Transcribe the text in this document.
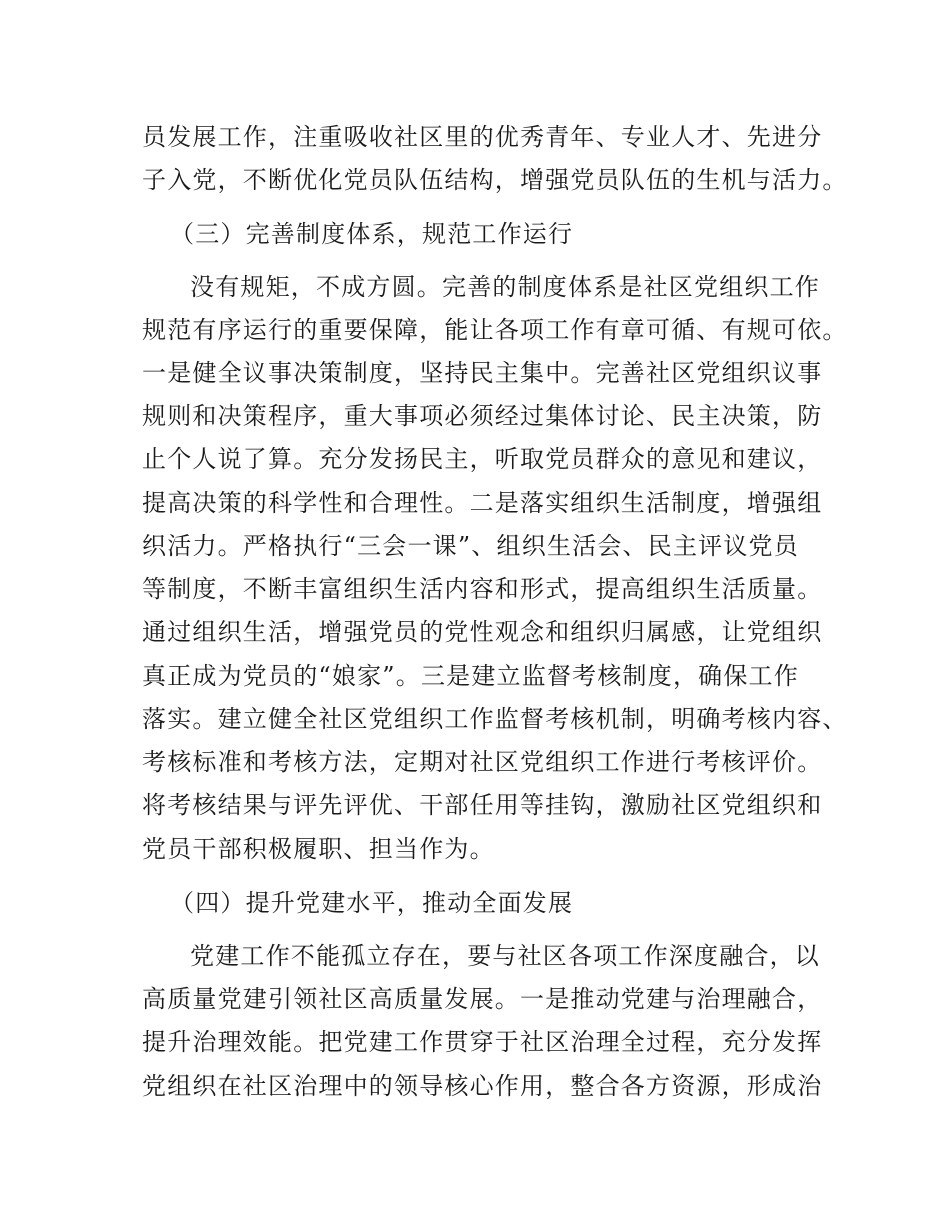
员发展工作，注重吸收社区里的优秀青年、专业人才、先进分
子入党，不断优化党员队伍结构，增强党员队伍的生机与活力。
（三）完善制度体系，规范工作运行
没有规矩，不成方圆。完善的制度体系是社区党组织工作
规范有序运行的重要保障，能让各项工作有章可循、有规可依。
一是健全议事决策制度，坚持民主集中。完善社区党组织议事
规则和决策程序，重大事项必须经过集体讨论、民主决策，防
止个人说了算。充分发扬民主，听取党员群众的意见和建议，
提高决策的科学性和合理性。二是落实组织生活制度，增强组
织活力。严格执行“三会一课”、组织生活会、民主评议党员
等制度，不断丰富组织生活内容和形式，提高组织生活质量。
通过组织生活，增强党员的党性观念和组织归属感，让党组织
真正成为党员的“娘家”。三是建立监督考核制度，确保工作
落实。建立健全社区党组织工作监督考核机制，明确考核内容、
考核标准和考核方法，定期对社区党组织工作进行考核评价。
将考核结果与评先评优、干部任用等挂钩，激励社区党组织和
党员干部积极履职、担当作为。
（四）提升党建水平，推动全面发展
党建工作不能孤立存在，要与社区各项工作深度融合，以
高质量党建引领社区高质量发展。一是推动党建与治理融合，
提升治理效能。把党建工作贯穿于社区治理全过程，充分发挥
党组织在社区治理中的领导核心作用，整合各方资源，形成治
